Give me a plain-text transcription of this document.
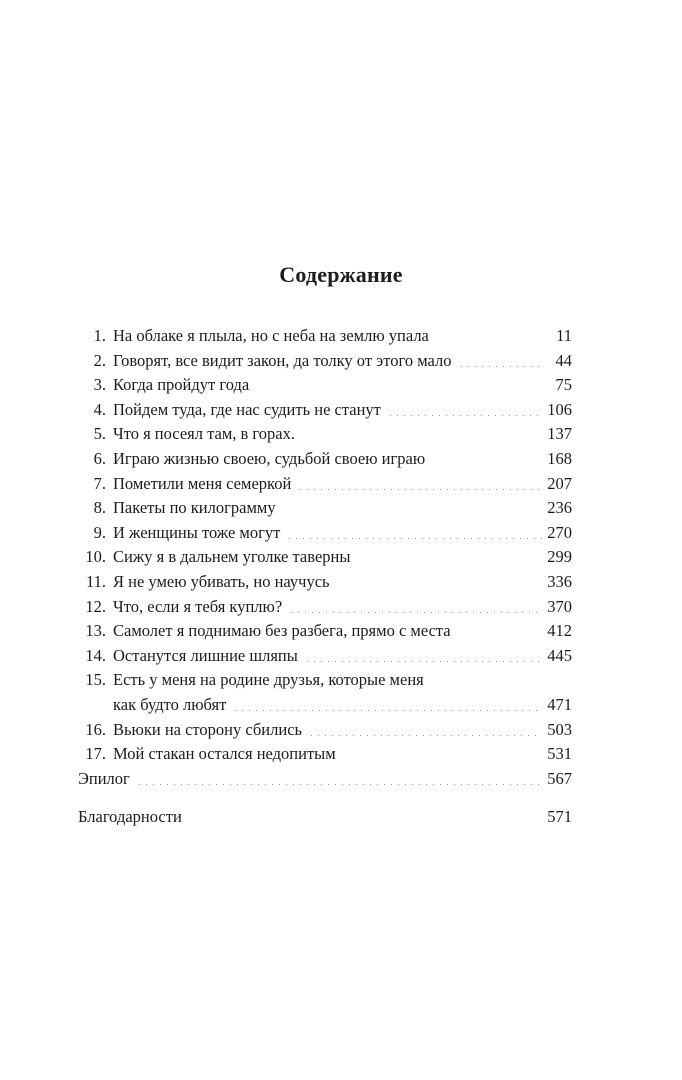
Содержание
1. На облаке я плыла, но с неба на землю упала	11
2. Говорят, все видит закон, да толку от этого мало	44
3. Когда пройдут года	75
4. Пойдем туда, где нас судить не станут	106
5. Что я посеял там, в горах.	137
6. Играю жизнью своею, судьбой своею играю	168
7. Пометили меня семеркой	207
8. Пакеты по килограмму	236
9. И женщины тоже могут	270
10. Сижу я в дальнем уголке таверны	299
11. Я не умею убивать, но научусь	336
12. Что, если я тебя куплю?	370
13. Самолет я поднимаю без разбега, прямо с места	412
14. Останутся лишние шляпы	445
15. Есть у меня на родине друзья, которые меня
как будто любят	471
16. Вьюки на сторону сбились	503
17. Мой стакан остался недопитым	531
Эпилог	567
Благодарности	571
